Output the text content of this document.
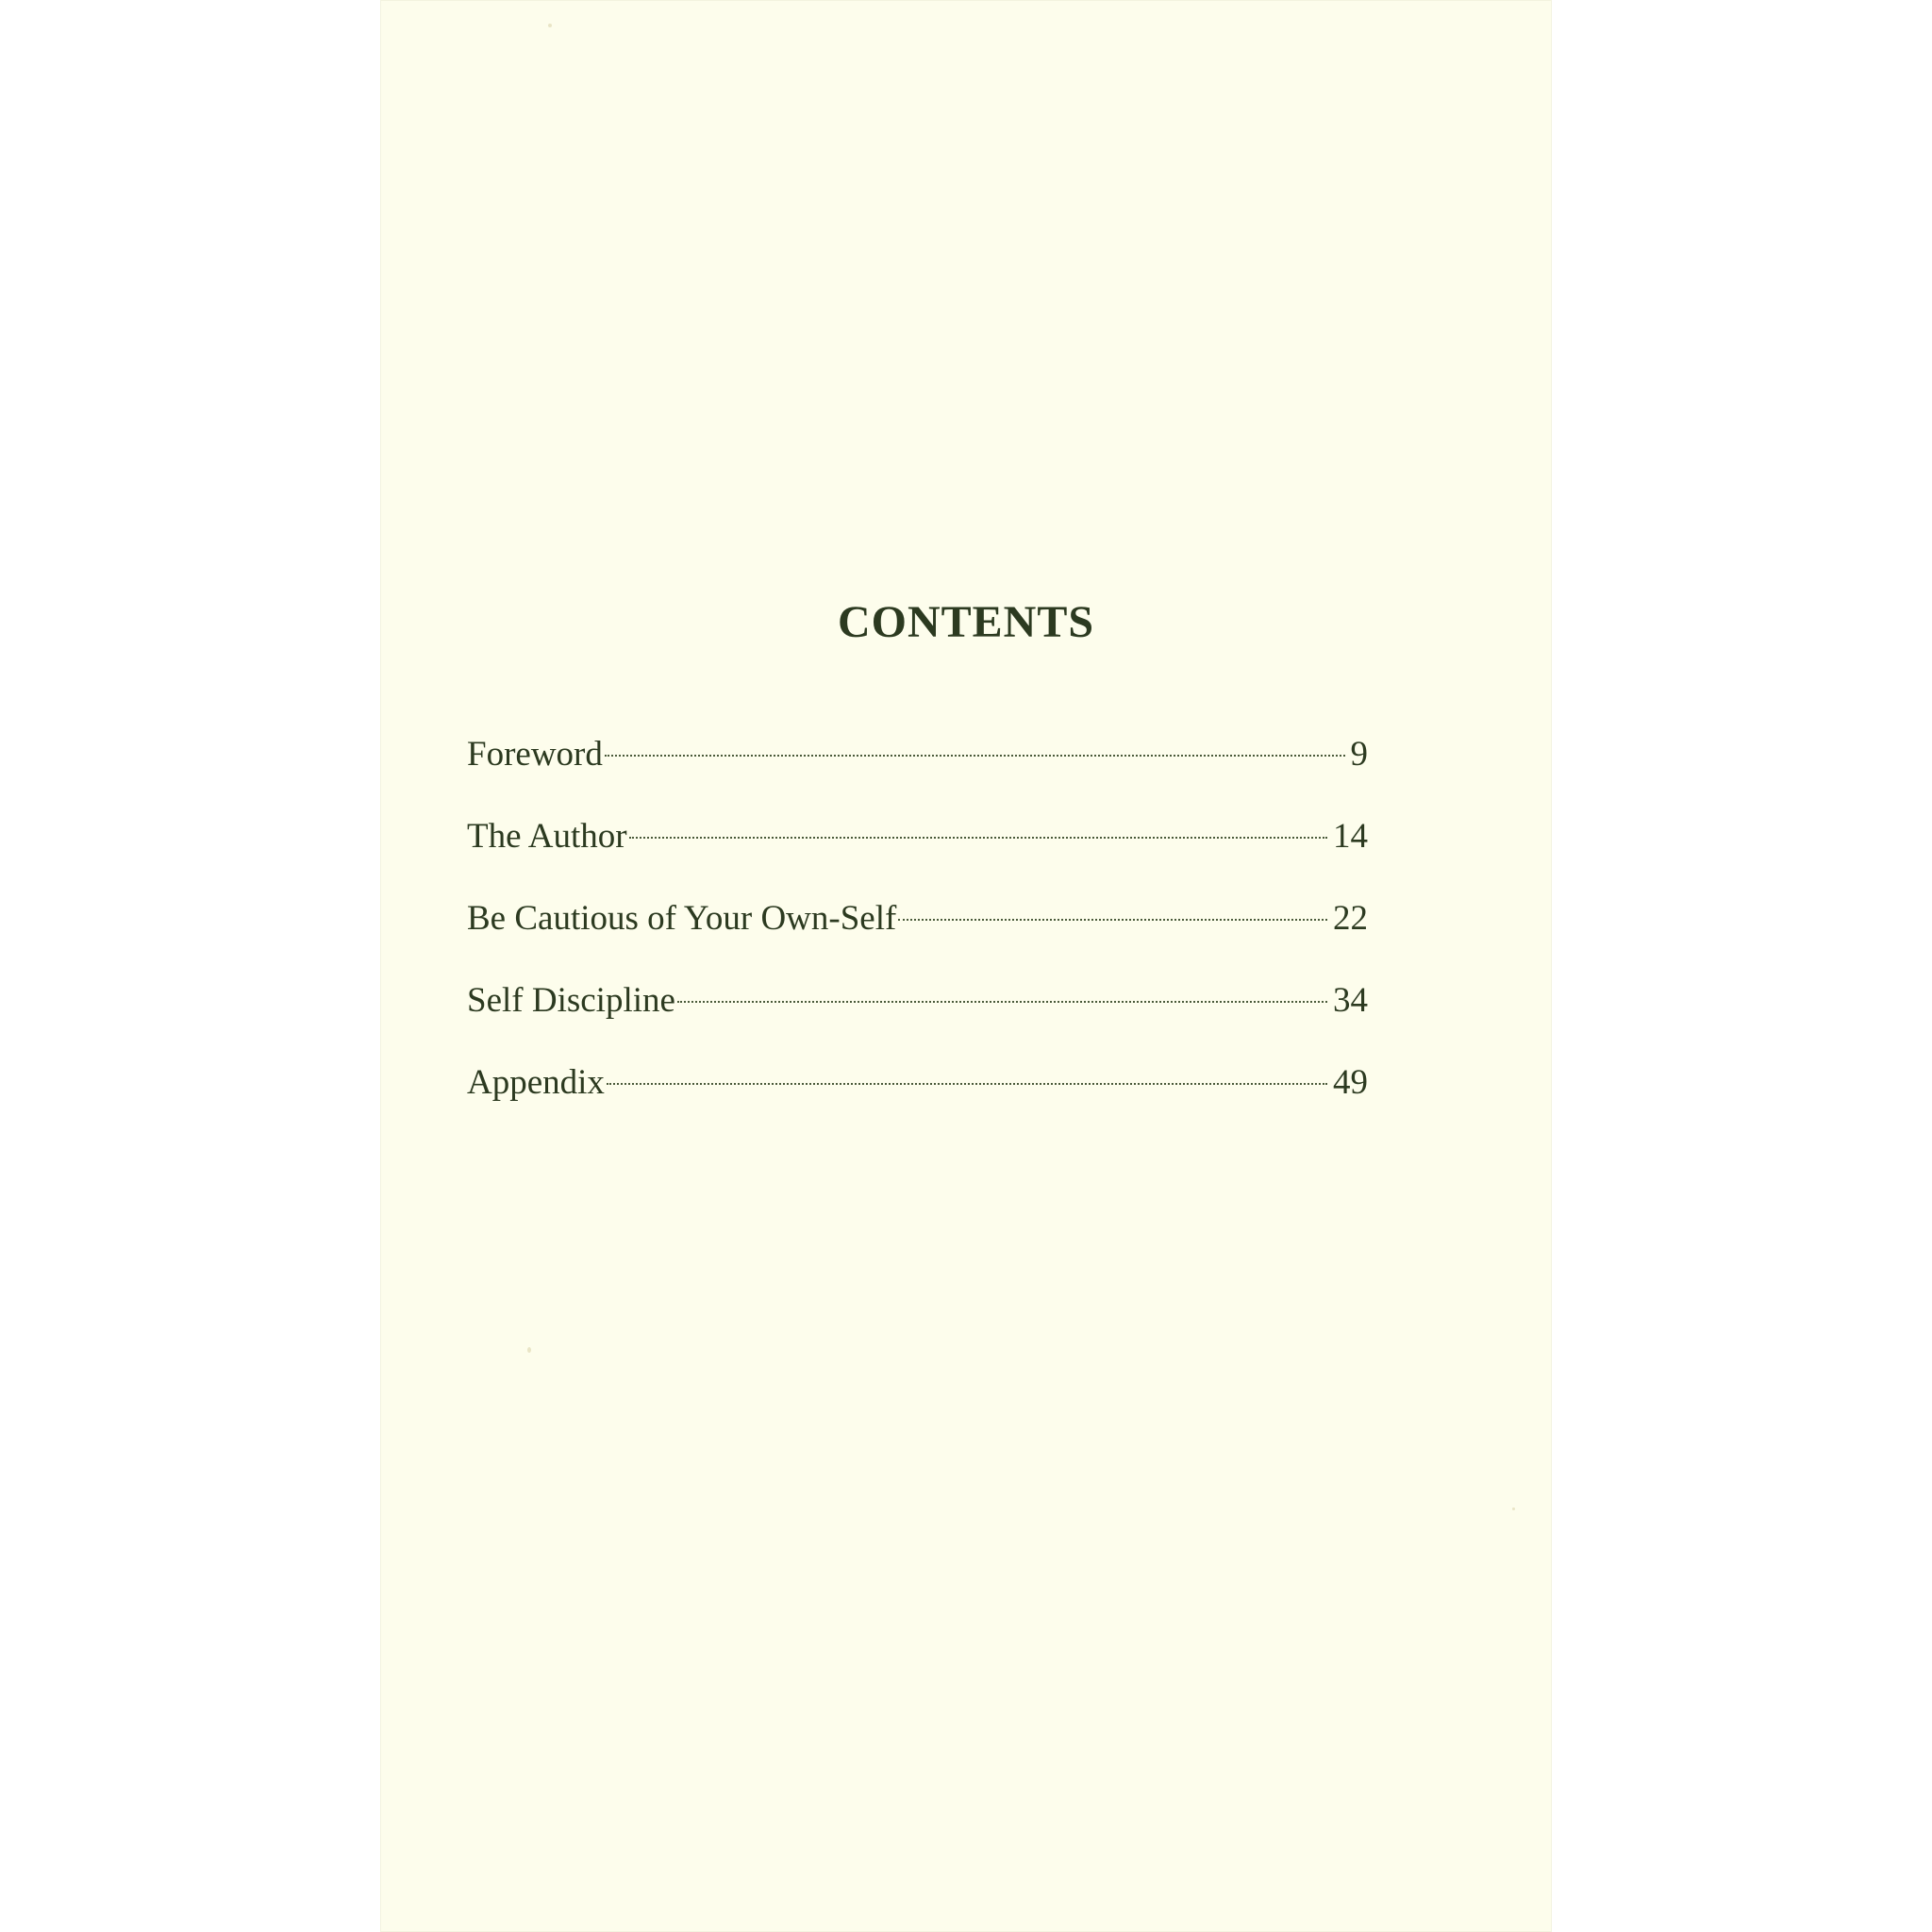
CONTENTS
Foreword	9
The Author	14
Be Cautious of Your Own-Self	22
Self Discipline	34
Appendix	49
